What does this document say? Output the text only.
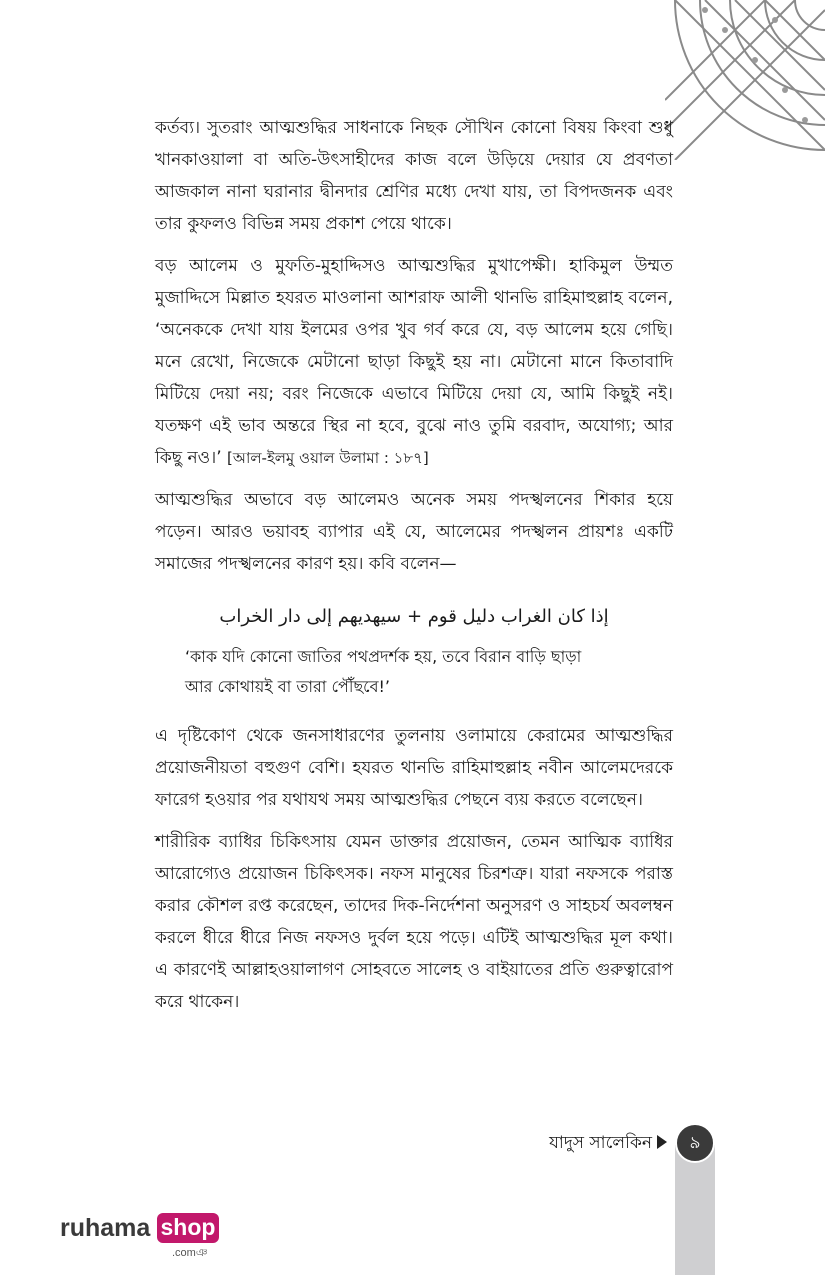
কর্তব্য। সুতরাং আত্মশুদ্ধির সাধনাকে নিছক সৌখিন কোনো বিষয় কিংবা শুধু খানকাওয়ালা বা অতি-উৎসাহীদের কাজ বলে উড়িয়ে দেয়ার যে প্রবণতা আজকাল নানা ঘরানার দ্বীনদার শ্রেণির মধ্যে দেখা যায়, তা বিপদজনক এবং তার কুফলও বিভিন্ন সময় প্রকাশ পেয়ে থাকে।

বড় আলেম ও মুফতি-মুহাদ্দিসও আত্মশুদ্ধির মুখাপেক্ষী। হাকিমুল উম্মত মুজাদ্দিসে মিল্লাত হযরত মাওলানা আশরাফ আলী থানভি রাহিমাহুল্লাহ বলেন, ‘অনেককে দেখা যায় ইলমের ওপর খুব গর্ব করে যে, বড় আলেম হয়ে গেছি। মনে রেখো, নিজেকে মেটানো ছাড়া কিছুই হয় না। মেটানো মানে কিতাবাদি মিটিয়ে দেয়া নয়; বরং নিজেকে এভাবে মিটিয়ে দেয়া যে, আমি কিছুই নই। যতক্ষণ এই ভাব অন্তরে স্থির না হবে, বুঝে নাও তুমি বরবাদ, অযোগ্য; আর কিছু নও।’ [আল-ইলমু ওয়াল উলামা : ১৮৭]

আত্মশুদ্ধির অভাবে বড় আলেমও অনেক সময় পদস্খলনের শিকার হয়ে পড়েন। আরও ভয়াবহ ব্যাপার এই যে, আলেমের পদস্খলন প্রায়শঃ একটি সমাজের পদস্খলনের কারণ হয়। কবি বলেন—

إذا كان الغراب دليل قوم + سيهديهم إلى دار الخراب
‘কাক যদি কোনো জাতির পথপ্রদর্শক হয়, তবে বিরান বাড়ি ছাড়া
আর কোথায়ই বা তারা পৌঁছবে!’

এ দৃষ্টিকোণ থেকে জনসাধারণের তুলনায় ওলামায়ে কেরামের আত্মশুদ্ধির প্রয়োজনীয়তা বহুগুণ বেশি। হযরত থানভি রাহিমাহুল্লাহ নবীন আলেমদেরকে ফারেগ হওয়ার পর যথাযথ সময় আত্মশুদ্ধির পেছনে ব্যয় করতে বলেছেন।

শারীরিক ব্যাধির চিকিৎসায় যেমন ডাক্তার প্রয়োজন, তেমন আত্মিক ব্যাধির আরোগ্যেও প্রয়োজন চিকিৎসক। নফস মানুষের চিরশত্রু। যারা নফসকে পরাস্ত করার কৌশল রপ্ত করেছেন, তাদের দিক-নির্দেশনা অনুসরণ ও সাহচর্য অবলম্বন করলে ধীরে ধীরে নিজ নফসও দুর্বল হয়ে পড়ে। এটিই আত্মশুদ্ধির মূল কথা। এ কারণেই আল্লাহওয়ালাগণ সোহবতে সালেহ ও বাইয়াতের প্রতি গুরুত্বারোপ করে থাকেন।

যাদুস সালেকিন	৯
ruhama shop
.comঞ
